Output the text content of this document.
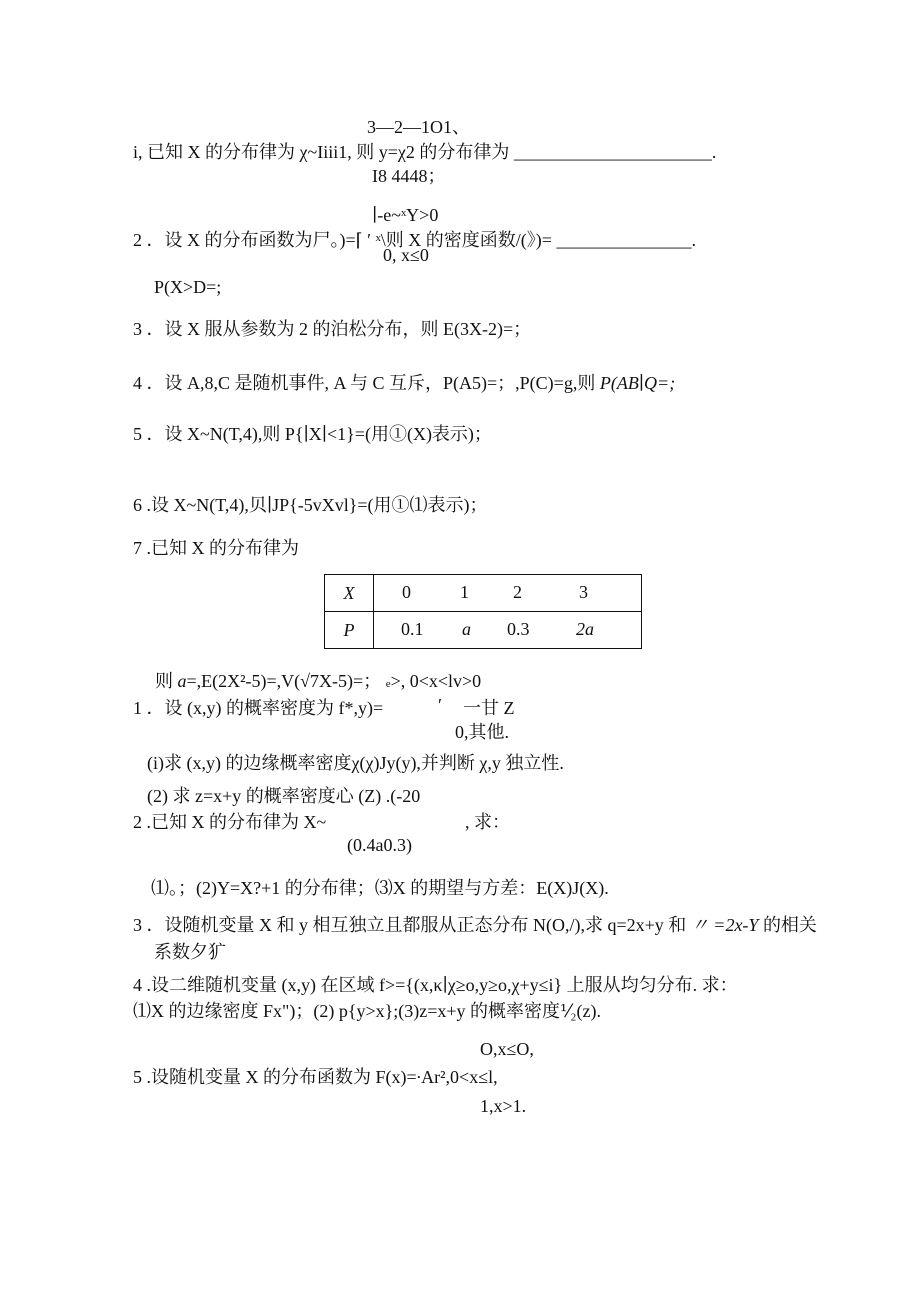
3—2—1O1、
i, 已知 X 的分布律为 χ~Iiii1, 则 y=χ2 的分布律为 ______________________.
I8 4448；
∣-e~ˣY>0
2 ．设 X 的分布函数为尸。)=⌈ ′ ˣ\则 X 的密度函数/(》)= _______________.
0, x≤0
P(X>D=;
3 ．设 X 服从参数为 2 的泊松分布，则 E(3X-2)=；
4 ．设 A,8,C 是随机事件, A 与 C 互斥，P(A5)=；,P(C)=g,则 P(AB∣Q=;
5 ．设 X~N(T,4),则 P{∣X∣<1}=(用①(X)表示)；
6 .设 X~N(T,4),贝∣JP{-5vXvl}=(用①⑴表示)；
7 .已知 X 的分布律为
X	0 1 2 3

P	0.1 a 0.3 2a
则 a=,E(2X²-5)=,V(√7X-5)=； e>, 0<x<lv>0
1 ．设 (x,y) 的概率密度为 f*,y)=	′ 一甘 Z
0,其他.
(i)求 (x,y) 的边缘概率密度χ(χ)Jy(y),并判断 χ,y 独立性.
(2) 求 z=x+y 的概率密度心 (Z) .(-20
2 .已知 X 的分布律为 X~	, 求：
(0.4a0.3)
⑴。；(2)Y=X?+1 的分布律；⑶X 的期望与方差：E(X)J(X).
3 ．设随机变量 X 和 y 相互独立且都服从正态分布 N(O,/),求 q=2x+y 和 〃 =2x-Y 的相关
系数夕犷
4 .设二维随机变量 (x,y) 在区域 f>={(x,κ∣χ≥o,y≥o,χ+y≤i} 上服从均匀分布. 求：
⑴X 的边缘密度 Fx")；(2) p{y>x};(3)z=x+y 的概率密度⅟₂(z).
O,x≤O,
5 .设随机变量 X 的分布函数为 F(x)=∙Ar²,0<x≤l,
1,x>1.
